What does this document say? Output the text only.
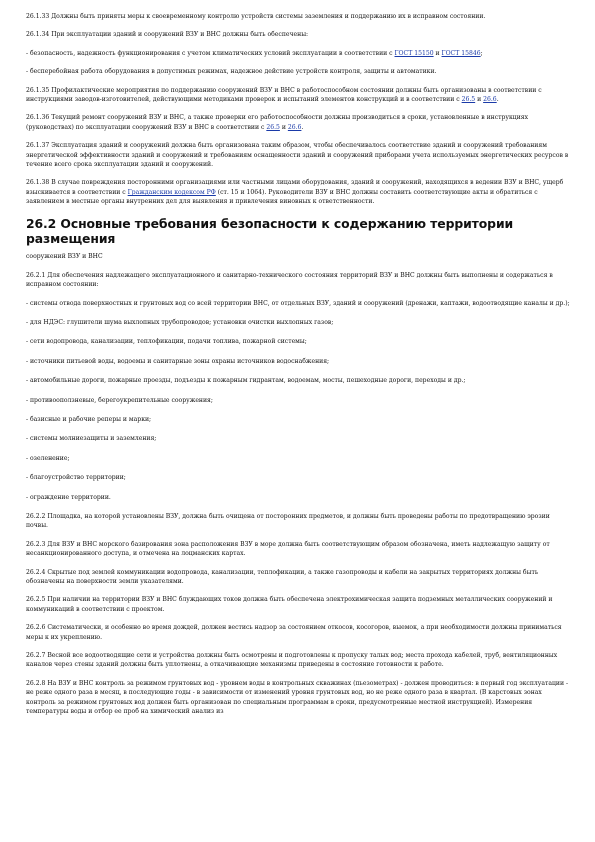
26.1.33 Должны быть приняты меры к своевременному контролю устройств системы заземления и поддержанию их в исправном состоянии.

26.1.34 При эксплуатации зданий и сооружений ВЗУ и ВНС должны быть обеспечены:

- безопасность, надежность функционирования с учетом климатических условий эксплуатации в соответствии с ГОСТ 15150 и ГОСТ 15846;

- бесперебойная работа оборудования в допустимых режимах, надежное действие устройств контроля, защиты и автоматики.

26.1.35 Профилактические мероприятия по поддержанию сооружений ВЗУ и ВНС в работоспособном состоянии должны быть организованы в соответствии с инструкциями заводов-изготовителей, действующими методиками проверок и испытаний элементов конструкций и в соответствии с 26.5 и 26.6.

26.1.36 Текущий ремонт сооружений ВЗУ и ВНС, а также проверки его работоспособности должны производиться в сроки, установленные в инструкциях (руководствах) по эксплуатации сооружений ВЗУ и ВНС в соответствии с 26.5 и 26.6.

26.1.37 Эксплуатация зданий и сооружений должна быть организована таким образом, чтобы обеспечивалось соответствие зданий и сооружений требованиям энергетической эффективности зданий и сооружений и требованиям оснащенности зданий и сооружений приборами учета используемых энергетических ресурсов в течение всего срока эксплуатации зданий и сооружений.

26.1.38 В случае повреждения посторонними организациями или частными лицами оборудования, зданий и сооружений, находящихся в ведении ВЗУ и ВНС, ущерб взыскивается в соответствии с Гражданским кодексом РФ (ст. 15 и 1064). Руководители ВЗУ и ВНС должны составить соответствующие акты и обратиться с заявлением в местные органы внутренних дел для выявления и привлечения виновных к ответственности.

26.2 Основные требования безопасности к содержанию территории размещения

сооружений ВЗУ и ВНС

26.2.1 Для обеспечения надлежащего эксплуатационного и санитарно-технического состояния территорий ВЗУ и ВНС должны быть выполнены и содержаться в исправном состоянии:

- системы отвода поверхностных и грунтовых вод со всей территории ВНС, от отдельных ВЗУ, зданий и сооружений (дренажи, каптажи, водоотводящие каналы и др.);

- для НДЭС: глушители шума выхлопных трубопроводов; установки очистки выхлопных газов;

- сети водопровода, канализации, теплофикации, подачи топлива, пожарной системы;

- источники питьевой воды, водоемы и санитарные зоны охраны источников водоснабжения;

- автомобильные дороги, пожарные проезды, подъезды к пожарным гидрантам, водоемам, мосты, пешеходные дороги, переходы и др.;

- противооползневые, берегоукрепительные сооружения;

- базисные и рабочие реперы и марки;

- системы молниезащиты и заземления;

- озеленение;

- благоустройство территории;

- ограждение территории.

26.2.2 Площадка, на которой установлены ВЗУ, должна быть очищена от посторонних предметов, и должны быть проведены работы по предотвращению эрозии почвы.

26.2.3 Для ВЗУ и ВНС морского базирования зона расположения ВЗУ в море должна быть соответствующим образом обозначена, иметь надлежащую защиту от несанкционированного доступа, и отмечена на лоцманских картах.

26.2.4 Скрытые под землей коммуникации водопровода, канализации, теплофикации, а также газопроводы и кабели на закрытых территориях должны быть обозначены на поверхности земли указателями.

26.2.5 При наличии на территории ВЗУ и ВНС блуждающих токов должна быть обеспечена электрохимическая защита подземных металлических сооружений и коммуникаций в соответствии с проектом.

26.2.6 Систематически, и особенно во время дождей, должен вестись надзор за состоянием откосов, косогоров, выемок, а при необходимости должны приниматься меры к их укреплению.

26.2.7 Весной все водоотводящие сети и устройства должны быть осмотрены и подготовлены к пропуску талых вод; места прохода кабелей, труб, вентиляционных каналов через стены зданий должны быть уплотнены, а откачивающие механизмы приведены в состояние готовности к работе.

26.2.8 На ВЗУ и ВНС контроль за режимом грунтовых вод - уровнем воды в контрольных скважинах (пьезометрах) - должен проводиться: в первый год эксплуатации - не реже одного раза в месяц, в последующие годы - в зависимости от изменений уровня грунтовых вод, но не реже одного раза в квартал. (В карстовых зонах контроль за режимом грунтовых вод должен быть организован по специальным программам в сроки, предусмотренные местной инструкцией). Измерения температуры воды и отбор ее проб на химический анализ из
